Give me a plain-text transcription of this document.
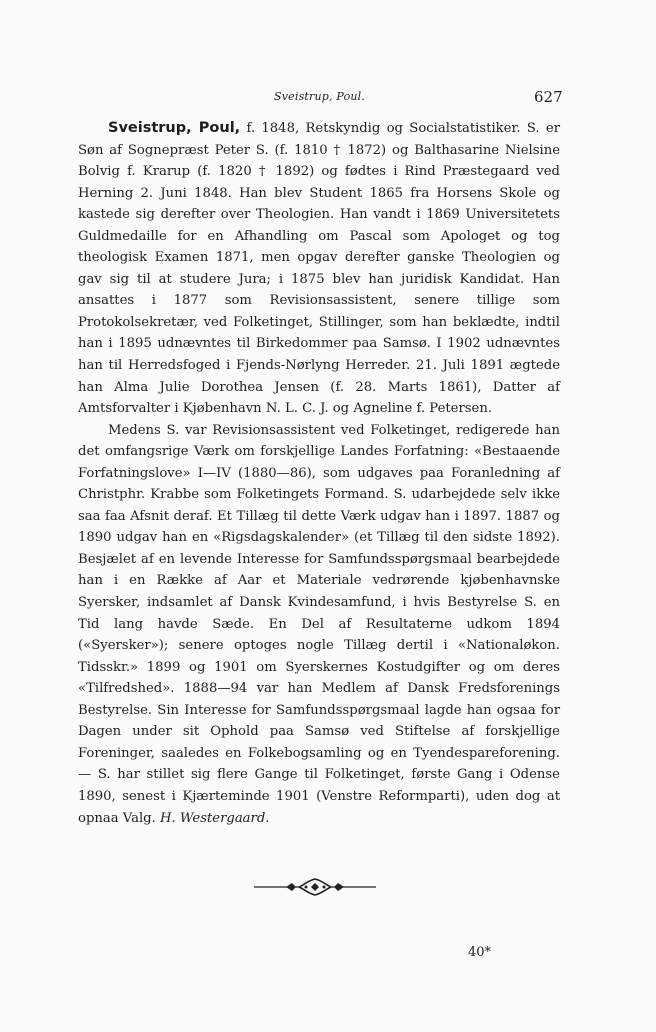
Sveistrup, Poul.	627

Sveistrup, Poul, f. 1848, Retskyndig og Socialstatistiker. S. er Søn af Sognepræst Peter S. (f. 1810 † 1872) og Balthasarine Nielsine Bolvig f. Krarup (f. 1820 † 1892) og fødtes i Rind Præstegaard ved Herning 2. Juni 1848. Han blev Student 1865 fra Horsens Skole og kastede sig derefter over Theologien. Han vandt i 1869 Universitetets Guldmedaille for en Afhandling om Pascal som Apologet og tog theologisk Examen 1871, men opgav derefter ganske Theologien og gav sig til at studere Jura; i 1875 blev han juridisk Kandidat. Han ansattes i 1877 som Revisionsassistent, senere tillige som Protokolsekretær, ved Folketinget, Stillinger, som han beklædte, indtil han i 1895 udnævntes til Birkedommer paa Samsø. I 1902 udnævntes han til Herredsfoged i Fjends-Nørlyng Herreder. 21. Juli 1891 ægtede han Alma Julie Dorothea Jensen (f. 28. Marts 1861), Datter af Amtsforvalter i Kjøbenhavn N. L. C. J. og Agneline f. Petersen.

Medens S. var Revisionsassistent ved Folketinget, redigerede han det omfangsrige Værk om forskjellige Landes Forfatning: «Bestaaende Forfatningslove» I—IV (1880—86), som udgaves paa Foranledning af Christphr. Krabbe som Folketingets Formand. S. udarbejdede selv ikke saa faa Afsnit deraf. Et Tillæg til dette Værk udgav han i 1897. 1887 og 1890 udgav han en «Rigsdagskalender» (et Tillæg til den sidste 1892). Besjælet af en levende Interesse for Samfundsspørgsmaal bearbejdede han i en Række af Aar et Materiale vedrørende kjøbenhavnske Syersker, indsamlet af Dansk Kvindesamfund, i hvis Bestyrelse S. en Tid lang havde Sæde. En Del af Resultaterne udkom 1894 («Syersker»); senere optoges nogle Tillæg dertil i «Nationaløkon. Tidsskr.» 1899 og 1901 om Syerskernes Kostudgifter og om deres «Tilfredshed». 1888—94 var han Medlem af Dansk Fredsforenings Bestyrelse. Sin Interesse for Samfundsspørgsmaal lagde han ogsaa for Dagen under sit Ophold paa Samsø ved Stiftelse af forskjellige Foreninger, saaledes en Folkebogsamling og en Tyendespareforening. — S. har stillet sig flere Gange til Folketinget, første Gang i Odense 1890, senest i Kjærteminde 1901 (Venstre Reformparti), uden dog at opnaa Valg. H. Westergaard.

40*
